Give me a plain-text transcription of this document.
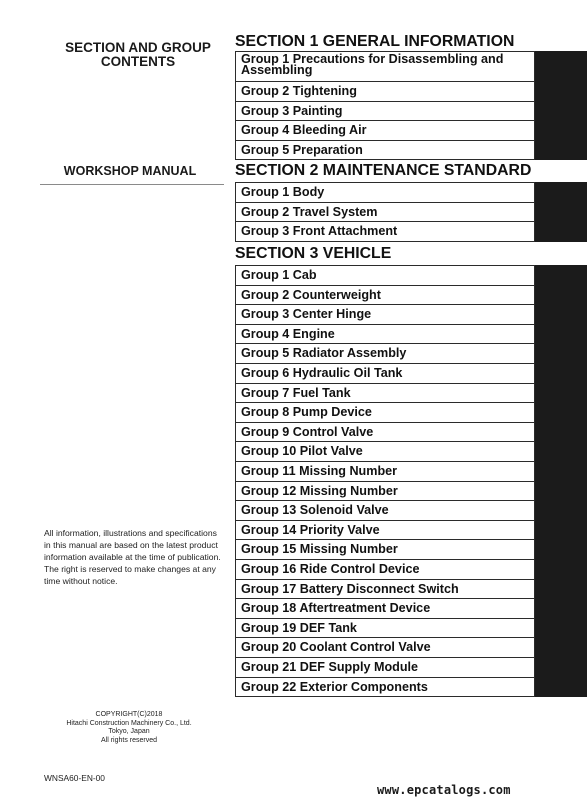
SECTION AND GROUP
CONTENTS
WORKSHOP MANUAL
All information, illustrations and specifications in this manual are based on the latest product information available at the time of publication. The right is reserved to make changes at any time without notice.
COPYRIGHT(C)2018
Hitachi Construction Machinery Co., Ltd.
Tokyo, Japan
All rights reserved
WNSA60-EN-00
www.epcatalogs.com
SECTION 1 GENERAL INFORMATION
Group 1 Precautions for Disassembling and
Assembling
Group 2 Tightening
Group 3 Painting
Group 4 Bleeding Air
Group 5 Preparation
SECTION 2 MAINTENANCE STANDARD
Group 1 Body
Group 2 Travel System
Group 3 Front Attachment
SECTION 3 VEHICLE
Group 1 Cab
Group 2 Counterweight
Group 3 Center Hinge
Group 4 Engine
Group 5 Radiator Assembly
Group 6 Hydraulic Oil Tank
Group 7 Fuel Tank
Group 8 Pump Device
Group 9 Control Valve
Group 10 Pilot Valve
Group 11 Missing Number
Group 12 Missing Number
Group 13 Solenoid Valve
Group 14 Priority Valve
Group 15 Missing Number
Group 16 Ride Control Device
Group 17 Battery Disconnect Switch
Group 18 Aftertreatment Device
Group 19 DEF Tank
Group 20 Coolant Control Valve
Group 21 DEF Supply Module
Group 22 Exterior Components
